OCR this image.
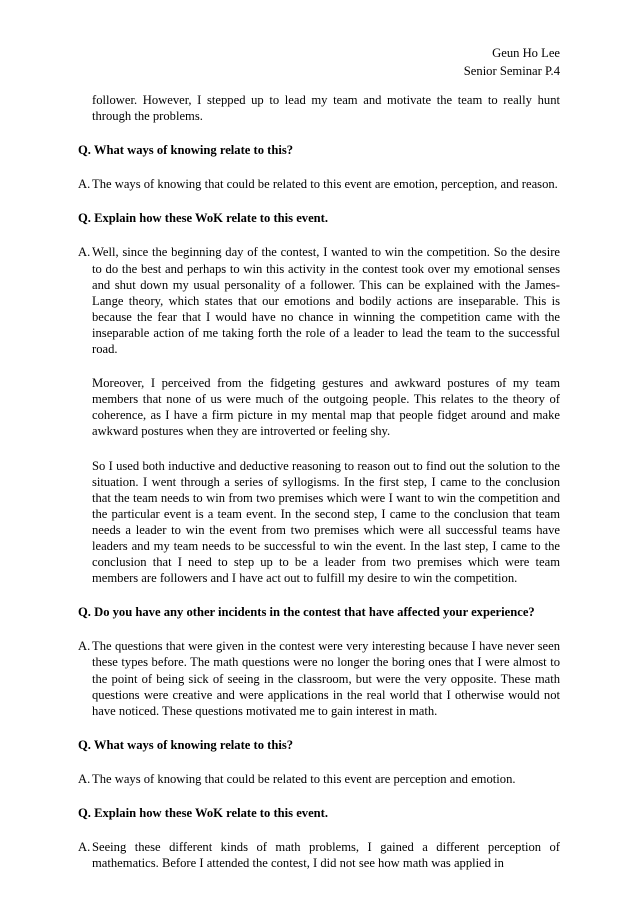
Geun Ho Lee
Senior Seminar P.4

follower. However, I stepped up to lead my team and motivate the team to really hunt through the problems.

Q. What ways of knowing relate to this?

A. The ways of knowing that could be related to this event are emotion, perception, and reason.

Q. Explain how these WoK relate to this event.

A. Well, since the beginning day of the contest, I wanted to win the competition. So the desire to do the best and perhaps to win this activity in the contest took over my emotional senses and shut down my usual personality of a follower. This can be explained with the James-Lange theory, which states that our emotions and bodily actions are inseparable. This is because the fear that I would have no chance in winning the competition came with the inseparable action of me taking forth the role of a leader to lead the team to the successful road.

Moreover, I perceived from the fidgeting gestures and awkward postures of my team members that none of us were much of the outgoing people. This relates to the theory of coherence, as I have a firm picture in my mental map that people fidget around and make awkward postures when they are introverted or feeling shy.

So I used both inductive and deductive reasoning to reason out to find out the solution to the situation. I went through a series of syllogisms. In the first step, I came to the conclusion that the team needs to win from two premises which were I want to win the competition and the particular event is a team event. In the second step, I came to the conclusion that team needs a leader to win the event from two premises which were all successful teams have leaders and my team needs to be successful to win the event. In the last step, I came to the conclusion that I need to step up to be a leader from two premises which were team members are followers and I have act out to fulfill my desire to win the competition.

Q. Do you have any other incidents in the contest that have affected your experience?

A. The questions that were given in the contest were very interesting because I have never seen these types before. The math questions were no longer the boring ones that I were almost to the point of being sick of seeing in the classroom, but were the very opposite. These math questions were creative and were applications in the real world that I otherwise would not have noticed. These questions motivated me to gain interest in math.

Q. What ways of knowing relate to this?

A. The ways of knowing that could be related to this event are perception and emotion.

Q. Explain how these WoK relate to this event.

A. Seeing these different kinds of math problems, I gained a different perception of mathematics. Before I attended the contest, I did not see how math was applied in
